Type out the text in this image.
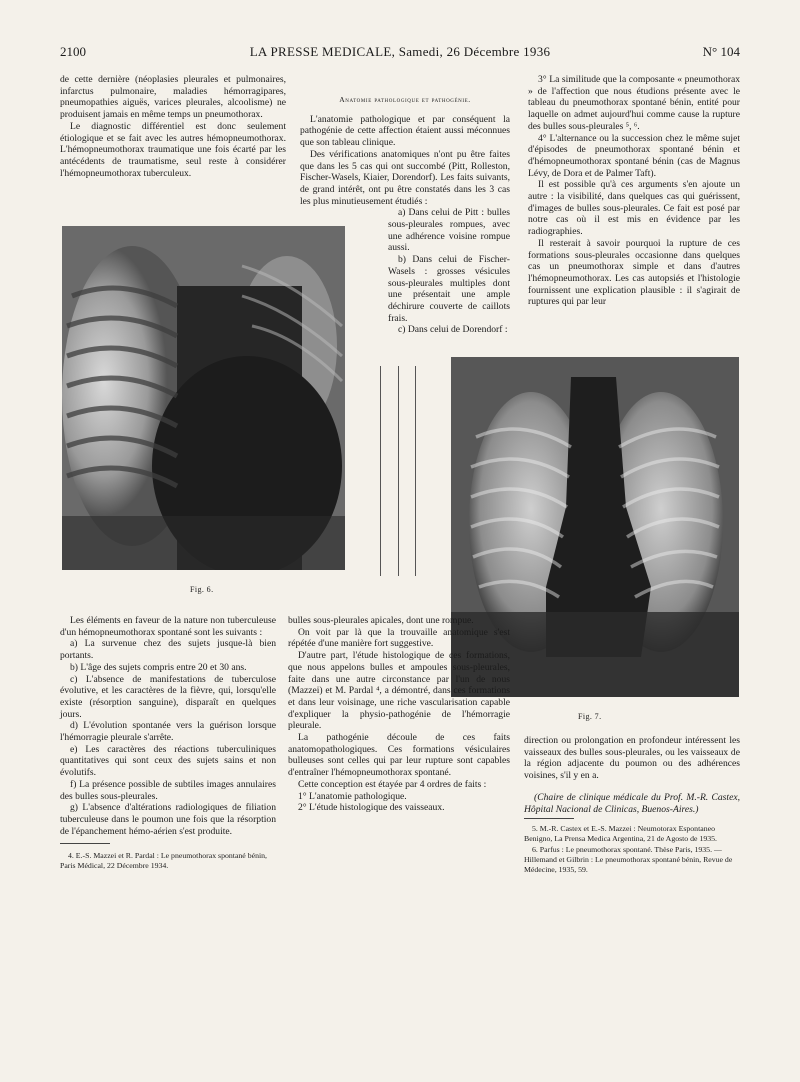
2100	LA PRESSE MEDICALE, Samedi, 26 Décembre 1936	N° 104

de cette dernière (néoplasies pleurales et pulmonaires, infarctus pulmonaire, maladies hémorragipares, pneumopathies aiguës, varices pleurales, alcoolisme) ne produisent jamais en même temps un pneumothorax.

Le diagnostic différentiel est donc seulement étiologique et se fait avec les autres hémopneumothorax. L'hémopneumothorax traumatique une fois écarté par les antécédents de traumatisme, seul reste à considérer l'hémopneumothorax tuberculeux.

Anatomie pathologique et pathogénie.

L'anatomie pathologique et par conséquent la pathogénie de cette affection étaient aussi méconnues que son tableau clinique.

Des vérifications anatomiques n'ont pu être faites que dans les 5 cas qui ont succombé (Pitt, Rolleston, Fischer-Wasels, Kiaier, Dorendorf). Les faits suivants, de grand intérêt, ont pu être constatés dans les 3 cas les plus minutieusement étudiés :

a) Dans celui de Pitt : bulles sous-pleurales rompues, avec une adhérence voisine rompue aussi.

b) Dans celui de Fischer-Wasels : grosses vésicules sous-pleurales multiples dont une présentait une ample déchirure couverte de caillots frais.

c) Dans celui de Dorendorf :

3° La similitude que la composante « pneumothorax » de l'affection que nous étudions présente avec le tableau du pneumothorax spontané bénin, entité pour laquelle on admet aujourd'hui comme cause la rupture des bulles sous-pleurales ⁵, ⁶.

4° L'alternance ou la succession chez le même sujet d'épisodes de pneumothorax spontané bénin et d'hémopneumothorax spontané bénin (cas de Magnus Lévy, de Dora et de Palmer Taft).

Il est possible qu'à ces arguments s'en ajoute un autre : la visibilité, dans quelques cas qui guérissent, d'images de bulles sous-pleurales. Ce fait est posé par notre cas où il est mis en évidence par les radiographies.

Il resterait à savoir pourquoi la rupture de ces formations sous-pleurales occasionne dans quelques cas un pneumothorax simple et dans d'autres l'hémopneumothorax. Les cas autopsiés et l'histologie fournissent une explication plausible : il s'agirait de ruptures qui par leur

Fig. 6.
Fig. 7.

Les éléments en faveur de la nature non tuberculeuse d'un hémopneumothorax spontané sont les suivants :

a) La survenue chez des sujets jusque-là bien portants.

b) L'âge des sujets compris entre 20 et 30 ans.

c) L'absence de manifestations de tuberculose évolutive, et les caractères de la fièvre, qui, lorsqu'elle existe (résorption sanguine), disparaît en quelques jours.

d) L'évolution spontanée vers la guérison lorsque l'hémorragie pleurale s'arrête.

e) Les caractères des réactions tuberculiniques quantitatives qui sont ceux des sujets sains et non évolutifs.

f) La présence possible de subtiles images annulaires des bulles sous-pleurales.

g) L'absence d'altérations radiologiques de filiation tuberculeuse dans le poumon une fois que la résorption de l'épanchement hémo-aérien s'est produite.

4. E.-S. Mazzei et R. Pardal : Le pneumothorax spontané bénin, Paris Médical, 22 Décembre 1934.

bulles sous-pleurales apicales, dont une rompue.

On voit par là que la trouvaille anatomique s'est répétée d'une manière fort suggestive.

D'autre part, l'étude histologique de ces formations, que nous appelons bulles et ampoules sous-pleurales, faite dans une autre circonstance par l'un de nous (Mazzei) et M. Pardal ⁴, a démontré, dans ces formations et dans leur voisinage, une riche vascularisation capable d'expliquer la physio-pathogénie de l'hémorragie pleurale.

La pathogénie découle de ces faits anatomopathologiques. Ces formations vésiculaires bulleuses sont celles qui par leur rupture sont capables d'entraîner l'hémopneumothorax spontané.

Cette conception est étayée par 4 ordres de faits :

1° L'anatomie pathologique.

2° L'étude histologique des vaisseaux.

direction ou prolongation en profondeur intéressent les vaisseaux des bulles sous-pleurales, ou les vaisseaux de la région adjacente du poumon ou des adhérences voisines, s'il y en a.

(Chaire de clinique médicale du Prof. M.-R. Castex, Hôpital Nacional de Clinicas, Buenos-Aires.)

5. M.-R. Castex et E.-S. Mazzei : Neumotorax Espontaneo Benigno, La Prensa Medica Argentina, 21 de Agosto de 1935.

6. Parfus : Le pneumothorax spontané. Thèse Paris, 1935. — Hillemand et Gilbrin : Le pneumothorax spontané bénin, Revue de Médecine, 1935, 59.
